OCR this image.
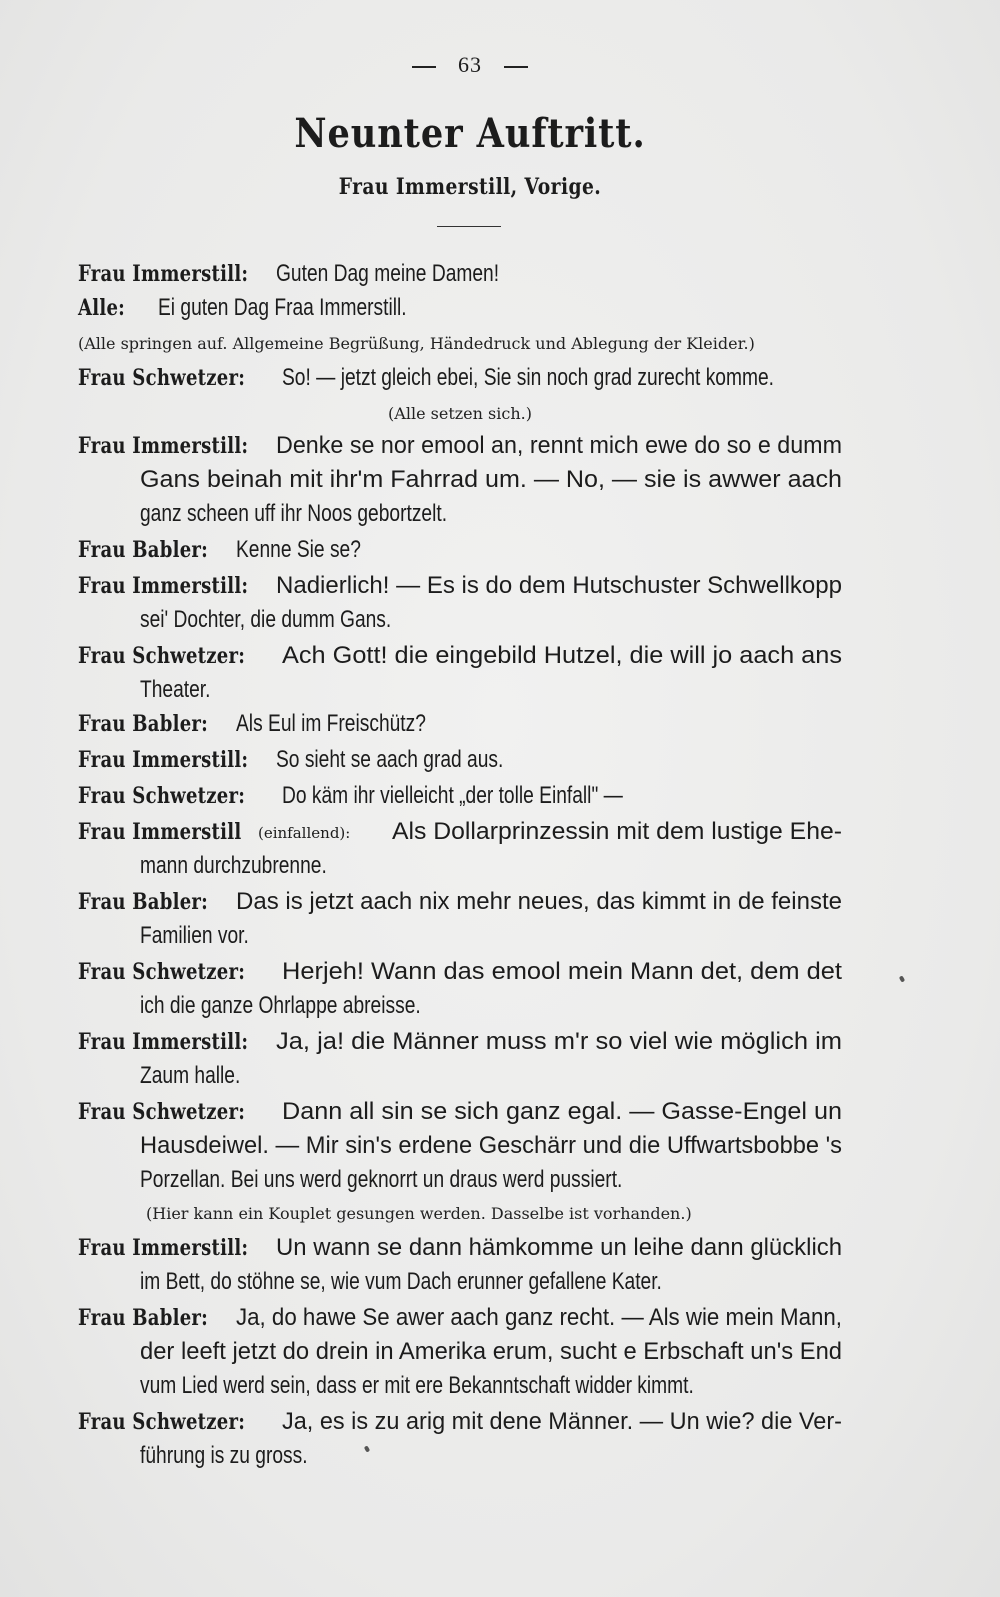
63
Neunter Auftritt.
Frau Immerstill, Vorige.
Frau Immerstill: Guten Dag meine Damen!
Alle: Ei guten Dag Fraa Immerstill.
(Alle springen auf. Allgemeine Begrüßung, Händedruck und Ablegung der Kleider.)
Frau Schwetzer: So! — jetzt gleich ebei, Sie sin noch grad zurecht komme.
(Alle setzen sich.)
Frau Immerstill: Denke se nor emool an, rennt mich ewe do so e dumm
Gans beinah mit ihr'm Fahrrad um. — No, — sie is awwer aach
ganz scheen uff ihr Noos gebortzelt.
Frau Babler: Kenne Sie se?
Frau Immerstill: Nadierlich! — Es is do dem Hutschuster Schwellkopp
sei' Dochter, die dumm Gans.
Frau Schwetzer: Ach Gott! die eingebild Hutzel, die will jo aach ans
Theater.
Frau Babler: Als Eul im Freischütz?
Frau Immerstill: So sieht se aach grad aus.
Frau Schwetzer: Do käm ihr vielleicht „der tolle Einfall" —
Frau Immerstill (einfallend): Als Dollarprinzessin mit dem lustige Ehe-
mann durchzubrenne.
Frau Babler: Das is jetzt aach nix mehr neues, das kimmt in de feinste
Familien vor.
Frau Schwetzer: Herjeh! Wann das emool mein Mann det, dem det
ich die ganze Ohrlappe abreisse.
Frau Immerstill: Ja, ja! die Männer muss m'r so viel wie möglich im
Zaum halle.
Frau Schwetzer: Dann all sin se sich ganz egal. — Gasse-Engel un
Hausdeiwel. — Mir sin's erdene Geschärr und die Uffwartsbobbe 's
Porzellan. Bei uns werd geknorrt un draus werd pussiert.
(Hier kann ein Kouplet gesungen werden. Dasselbe ist vorhanden.)
Frau Immerstill: Un wann se dann hämkomme un leihe dann glücklich
im Bett, do stöhne se, wie vum Dach erunner gefallene Kater.
Frau Babler: Ja, do hawe Se awer aach ganz recht. — Als wie mein Mann,
der leeft jetzt do drein in Amerika erum, sucht e Erbschaft un's End
vum Lied werd sein, dass er mit ere Bekanntschaft widder kimmt.
Frau Schwetzer: Ja, es is zu arig mit dene Männer. — Un wie? die Ver-
führung is zu gross.
